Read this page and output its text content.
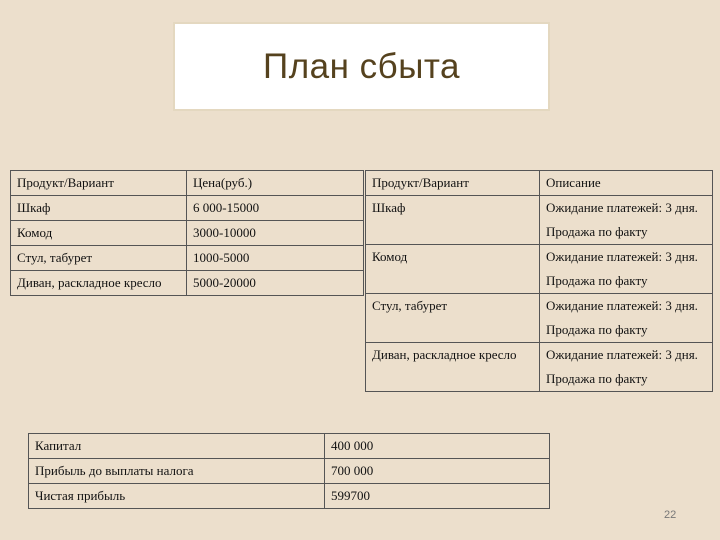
План сбыта
Продукт/Вариант	Цена(руб.)
Шкаф	6 000-15000
Комод	3000-10000
Стул, табурет	1000-5000
Диван, раскладное кресло	5000-20000
Продукт/Вариант	Описание
Шкаф	Ожидание платежей: 3 дня.
	Продажа по факту
Комод	Ожидание платежей: 3 дня.
	Продажа по факту
Стул, табурет	Ожидание платежей: 3 дня.
	Продажа по факту
Диван, раскладное кресло	Ожидание платежей: 3 дня.
	Продажа по факту
Капитал	400 000
Прибыль до выплаты налога	700 000
Чистая прибыль	599700
22
